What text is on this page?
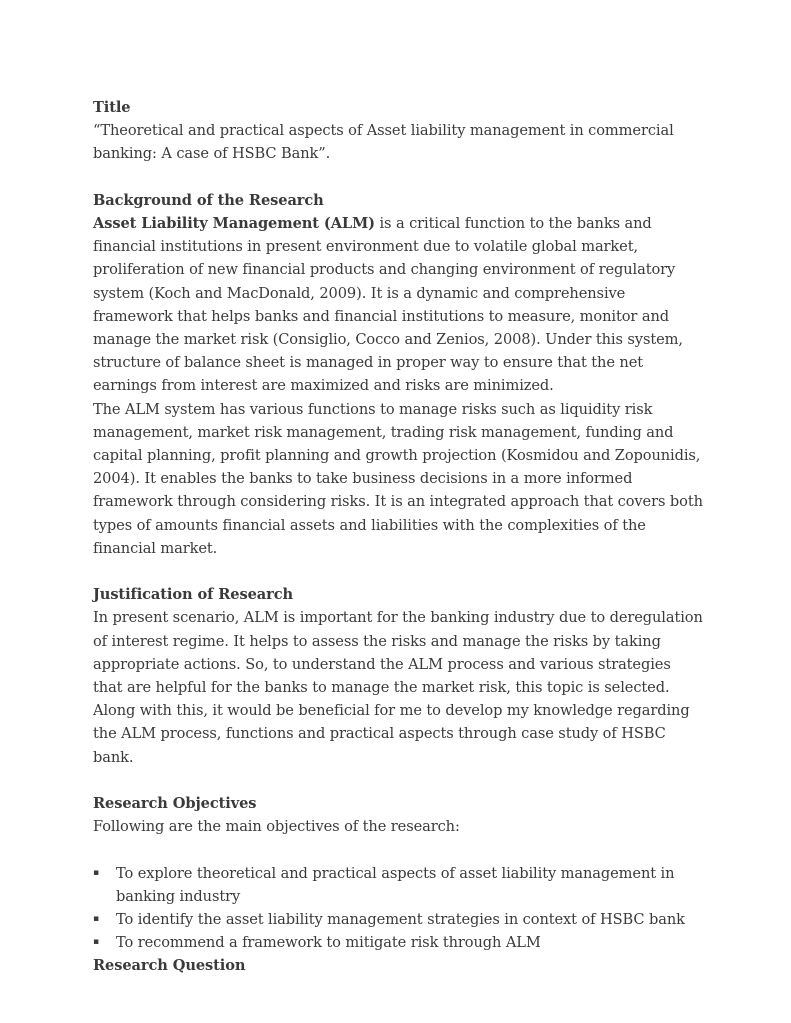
Title

“Theoretical and practical aspects of Asset liability management in commercial banking: A case of HSBC Bank”.

Background of the Research

Asset Liability Management (ALM) is a critical function to the banks and financial institutions in present environment due to volatile global market, proliferation of new financial products and changing environment of regulatory system (Koch and MacDonald, 2009). It is a dynamic and comprehensive framework that helps banks and financial institutions to measure, monitor and manage the market risk (Consiglio, Cocco and Zenios, 2008). Under this system, structure of balance sheet is managed in proper way to ensure that the net earnings from interest are maximized and risks are minimized.

The ALM system has various functions to manage risks such as liquidity risk management, market risk management, trading risk management, funding and capital planning, profit planning and growth projection (Kosmidou and Zopounidis, 2004). It enables the banks to take business decisions in a more informed framework through considering risks. It is an integrated approach that covers both types of amounts financial assets and liabilities with the complexities of the financial market.

Justification of Research

In present scenario, ALM is important for the banking industry due to deregulation of interest regime. It helps to assess the risks and manage the risks by taking appropriate actions. So, to understand the ALM process and various strategies that are helpful for the banks to manage the market risk, this topic is selected. Along with this, it would be beneficial for me to develop my knowledge regarding the ALM process, functions and practical aspects through case study of HSBC bank.

Research Objectives

Following are the main objectives of the research:

▪ To explore theoretical and practical aspects of asset liability management in banking industry
▪ To identify the asset liability management strategies in context of HSBC bank
▪ To recommend a framework to mitigate risk through ALM

Research Question
